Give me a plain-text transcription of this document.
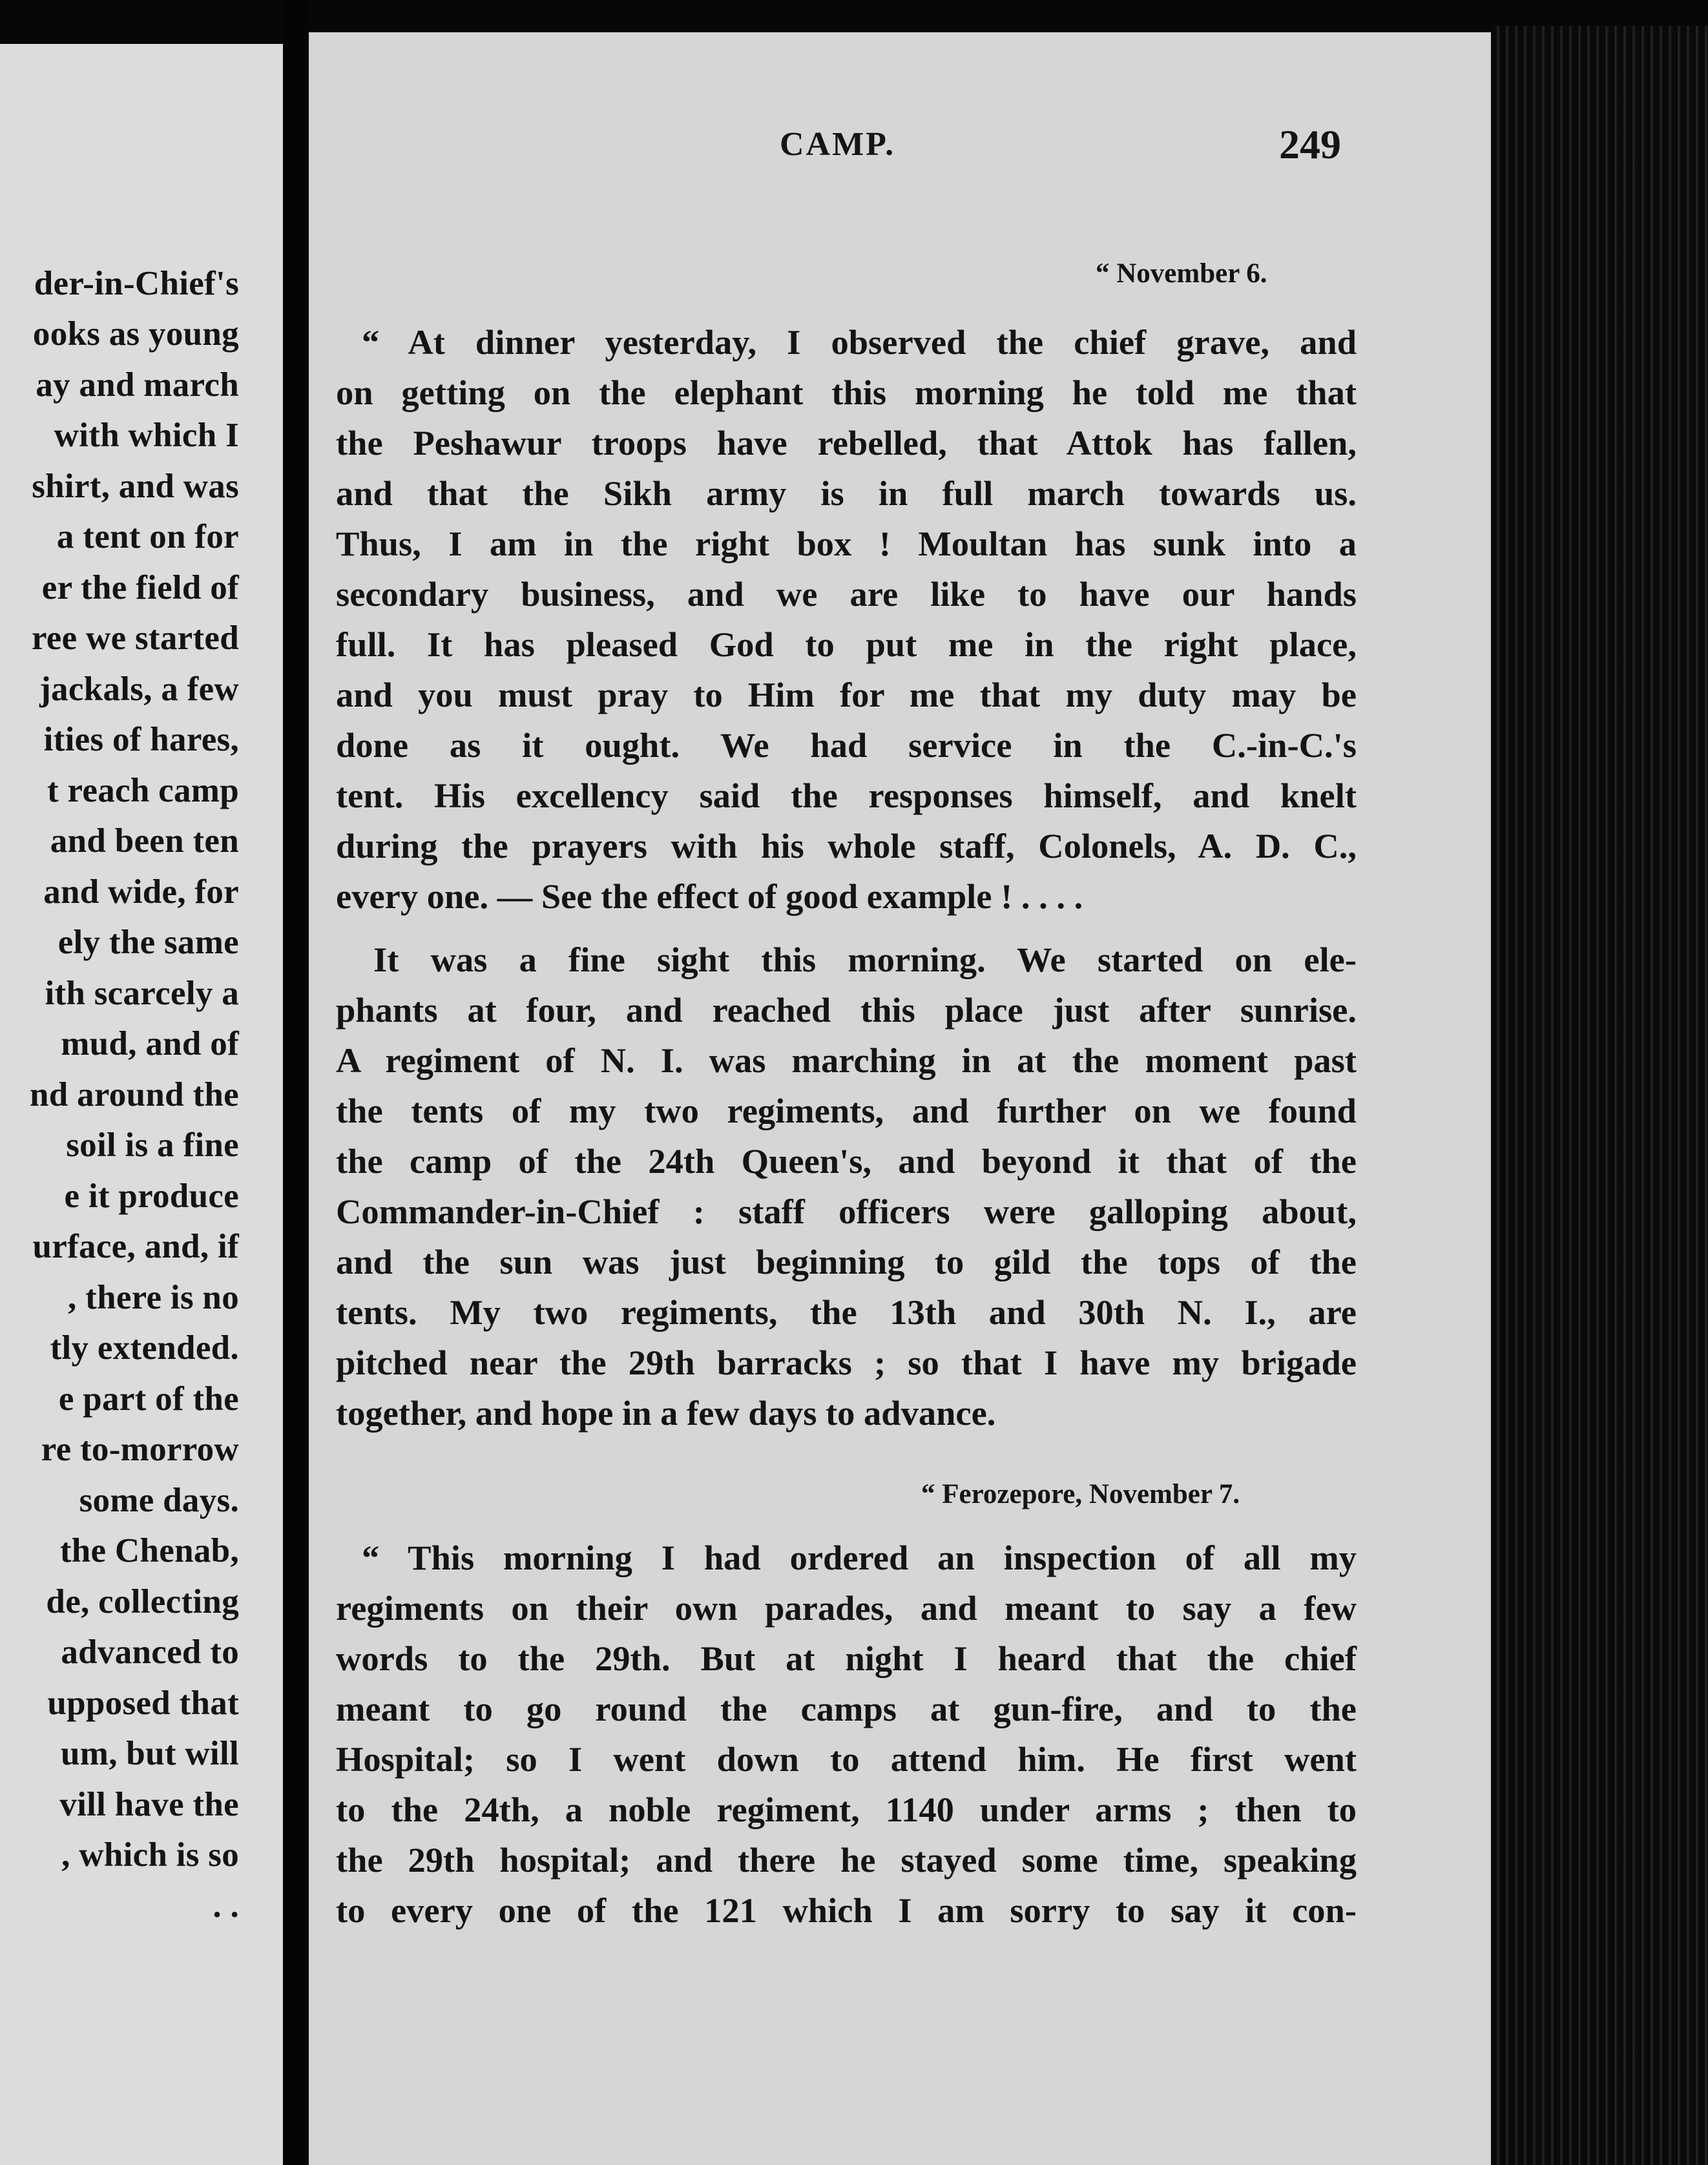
der-in-Chief's
ooks as young
ay and march
with which I
shirt, and was
a tent on for
er the field of
ree we started
jackals, a few
ities of hares,
t reach camp
and been ten
and wide, for
ely the same
ith scarcely a
mud, and of
nd around the
soil is a fine
e it produce
urface, and, if
, there is no
tly extended.
e part of the
re to-morrow
some days.
the Chenab,
de, collecting
advanced to
upposed that
um, but will
vill have the
, which is so
. .
CAMP.	249
“ November 6.
“ At dinner yesterday, I observed the chief grave, and
on getting on the elephant this morning he told me that
the Peshawur troops have rebelled, that Attok has fallen,
and that the Sikh army is in full march towards us.
Thus, I am in the right box ! Moultan has sunk into a
secondary business, and we are like to have our hands
full. It has pleased God to put me in the right place,
and you must pray to Him for me that my duty may be
done as it ought. We had service in the C.-in-C.'s
tent. His excellency said the responses himself, and knelt
during the prayers with his whole staff, Colonels, A. D. C.,
every one. — See the effect of good example ! . . . .
It was a fine sight this morning. We started on ele-
phants at four, and reached this place just after sunrise.
A regiment of N. I. was marching in at the moment past
the tents of my two regiments, and further on we found
the camp of the 24th Queen's, and beyond it that of the
Commander-in-Chief : staff officers were galloping about,
and the sun was just beginning to gild the tops of the
tents. My two regiments, the 13th and 30th N. I., are
pitched near the 29th barracks ; so that I have my brigade
together, and hope in a few days to advance.
“ Ferozepore, November 7.
“ This morning I had ordered an inspection of all my
regiments on their own parades, and meant to say a few
words to the 29th. But at night I heard that the chief
meant to go round the camps at gun-fire, and to the
Hospital; so I went down to attend him. He first went
to the 24th, a noble regiment, 1140 under arms ; then to
the 29th hospital; and there he stayed some time, speaking
to every one of the 121 which I am sorry to say it con-
